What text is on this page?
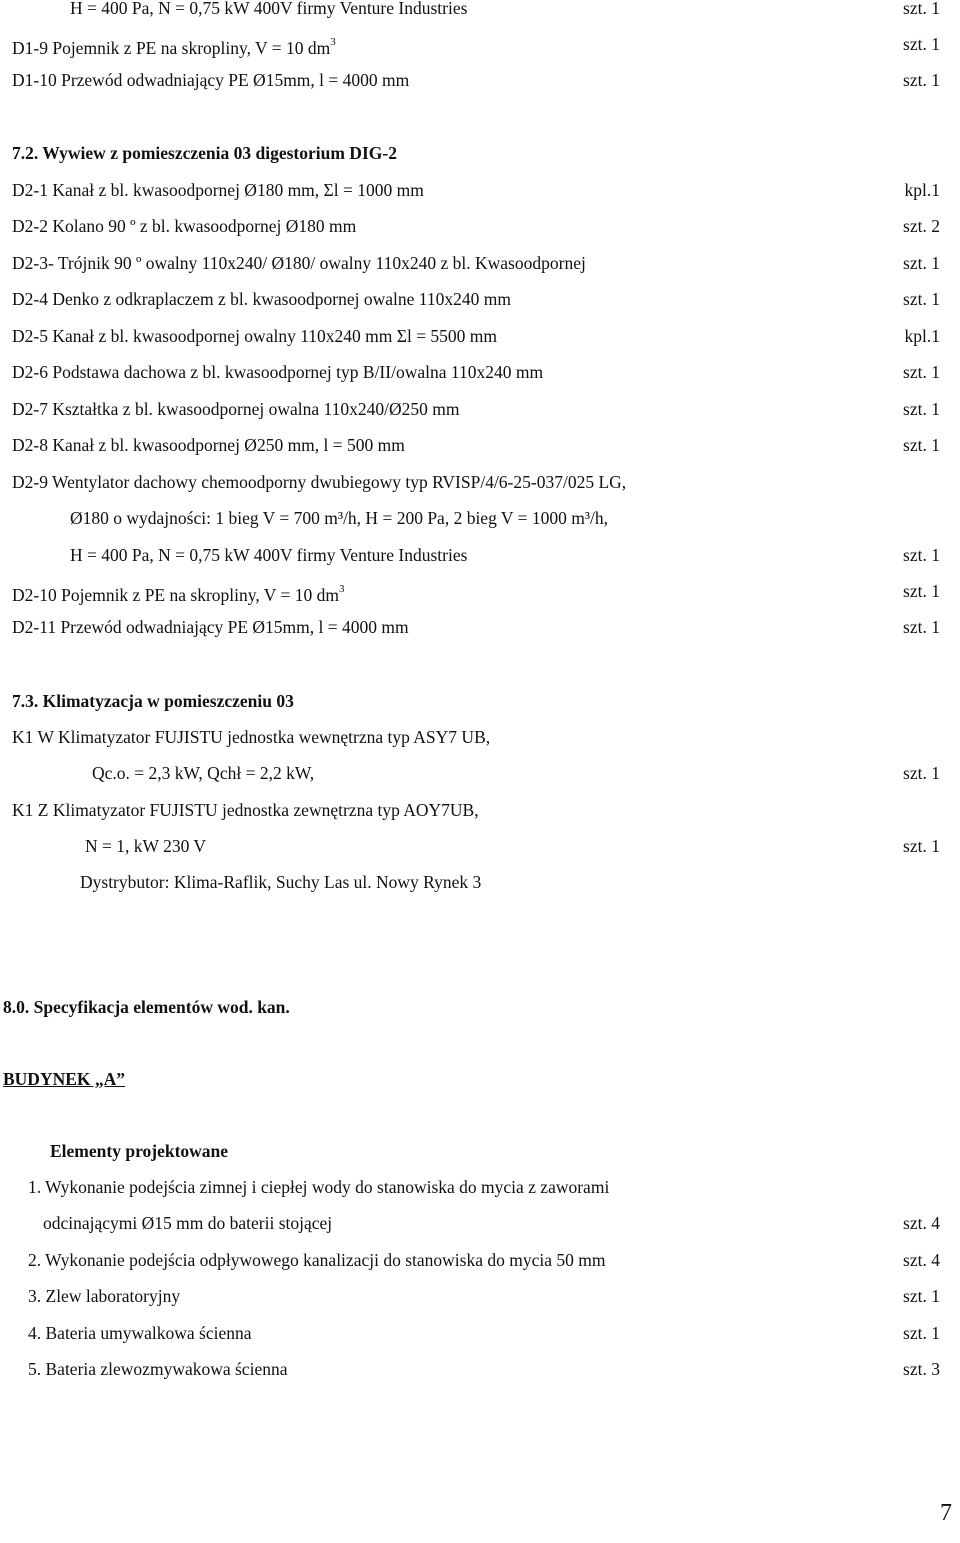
H = 400 Pa, N = 0,75 kW 400V firmy Venture Industries	szt. 1
D1-9 Pojemnik z PE na skropliny, V = 10 $dm^3$	szt. 1
D1-10 Przewód odwadniający PE Ø15mm, l = 4000 mm	szt. 1
7.2. Wywiew z pomieszczenia 03 digestorium DIG-2
D2-1 Kanał z bl. kwasoodpornej Ø180 mm, Σl = 1000 mm	kpl.1
D2-2 Kolano 90 º z bl. kwasoodpornej Ø180 mm	szt. 2
D2-3- Trójnik 90 º owalny 110x240/ Ø180/ owalny 110x240 z bl. Kwasoodpornej	szt. 1
D2-4 Denko z odkraplaczem z bl. kwasoodpornej owalne 110x240 mm	szt. 1
D2-5 Kanał z bl. kwasoodpornej owalny 110x240 mm Σl = 5500 mm	kpl.1
D2-6 Podstawa dachowa z bl. kwasoodpornej typ B/II/owalna 110x240 mm	szt. 1
D2-7 Kształtka z bl. kwasoodpornej owalna 110x240/Ø250 mm	szt. 1
D2-8 Kanał z bl. kwasoodpornej Ø250 mm, l = 500 mm	szt. 1
D2-9 Wentylator dachowy chemoodporny dwubiegowy typ RVISP/4/6-25-037/025 LG,
Ø180 o wydajności: 1 bieg V = 700 m³/h, H = 200 Pa, 2 bieg V = 1000 m³/h,
H = 400 Pa, N = 0,75 kW 400V firmy Venture Industries	szt. 1
D2-10 Pojemnik z PE na skropliny, V = 10 $dm^3$	szt. 1
D2-11 Przewód odwadniający PE Ø15mm, l = 4000 mm	szt. 1
7.3. Klimatyzacja w pomieszczeniu 03
K1 W Klimatyzator FUJISTU jednostka wewnętrzna typ ASY7 UB,
Qc.o. = 2,3 kW, Qchł = 2,2 kW,	szt. 1
K1 Z Klimatyzator FUJISTU jednostka zewnętrzna typ AOY7UB,
N = 1, kW 230 V	szt. 1
Dystrybutor: Klima-Raflik, Suchy Las ul. Nowy Rynek 3
8.0. Specyfikacja elementów wod. kan.
BUDYNEK „A”
Elementy projektowane
1. Wykonanie podejścia zimnej i ciepłej wody do stanowiska do mycia z zaworami
odcinającymi Ø15 mm do baterii stojącej	szt. 4
2. Wykonanie podejścia odpływowego kanalizacji do stanowiska do mycia 50 mm	szt. 4
3. Zlew laboratoryjny	szt. 1
4. Bateria umywalkowa ścienna	szt. 1
5. Bateria zlewozmywakowa ścienna	szt. 3
7
